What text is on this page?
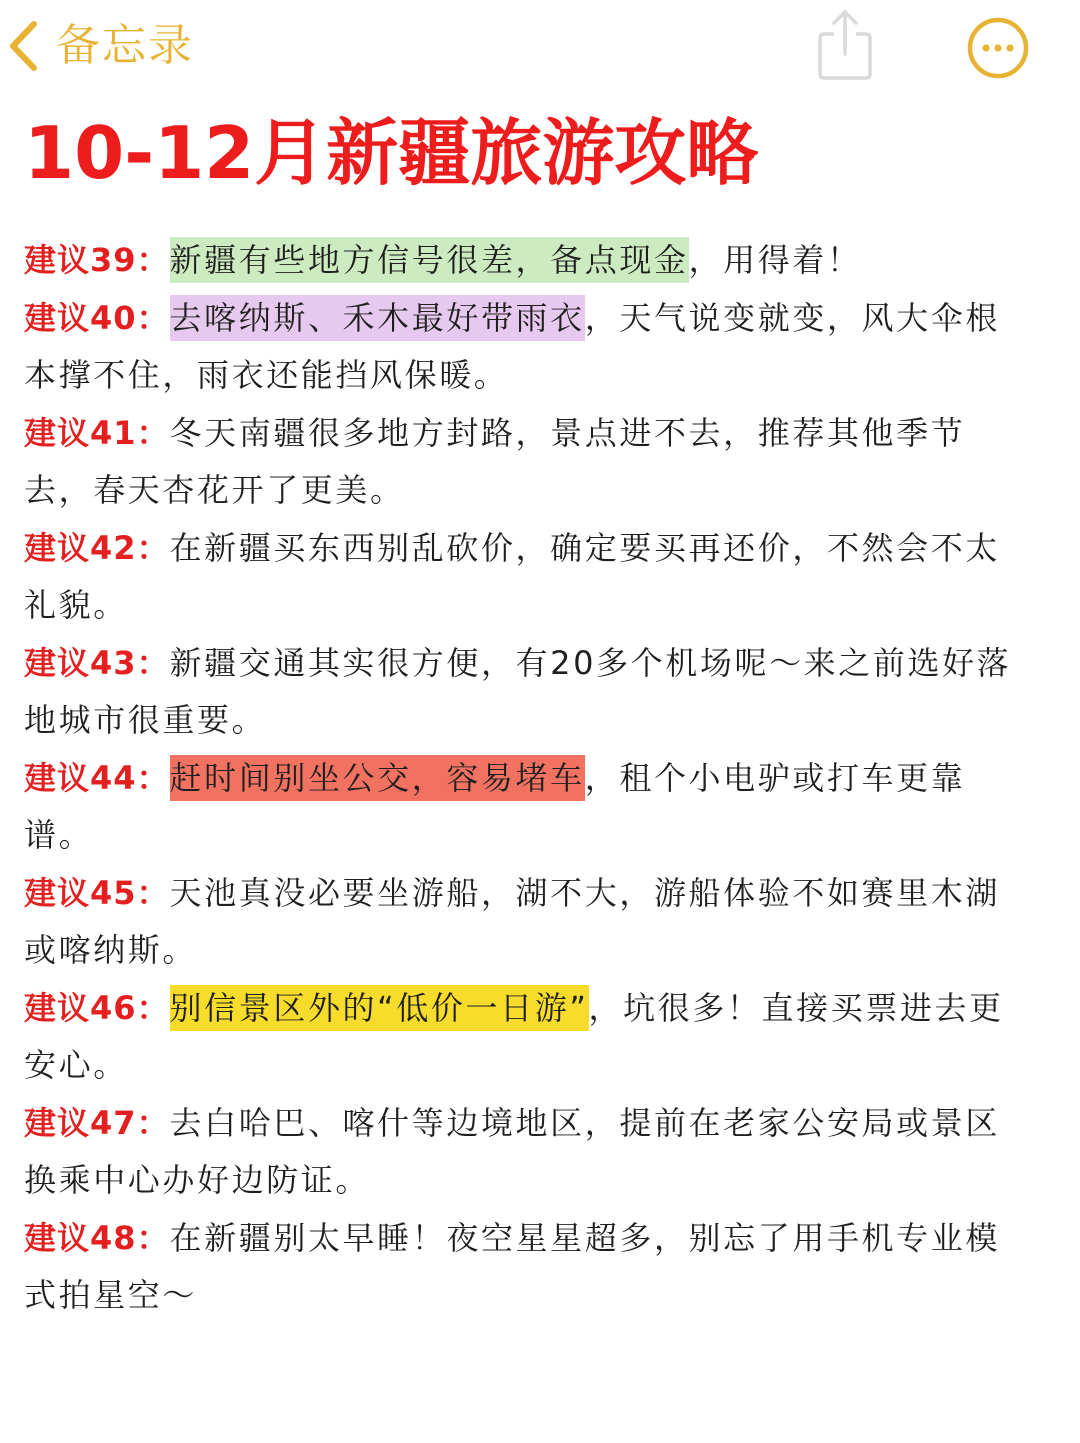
备忘录
10-12月新疆旅游攻略
建议39：新疆有些地方信号很差，备点现金，用得着！
建议40：去喀纳斯、禾木最好带雨衣，天气说变就变，风大伞根本撑不住，雨衣还能挡风保暖。
建议41：冬天南疆很多地方封路，景点进不去，推荐其他季节去，春天杏花开了更美。
建议42：在新疆买东西别乱砍价，确定要买再还价，不然会不太礼貌。
建议43：新疆交通其实很方便，有20多个机场呢～来之前选好落地城市很重要。
建议44：赶时间别坐公交，容易堵车，租个小电驴或打车更靠谱。
建议45：天池真没必要坐游船，湖不大，游船体验不如赛里木湖或喀纳斯。
建议46：别信景区外的“低价一日游”，坑很多！直接买票进去更安心。
建议47：去白哈巴、喀什等边境地区，提前在老家公安局或景区换乘中心办好边防证。
建议48：在新疆别太早睡！夜空星星超多，别忘了用手机专业模式拍星空～
